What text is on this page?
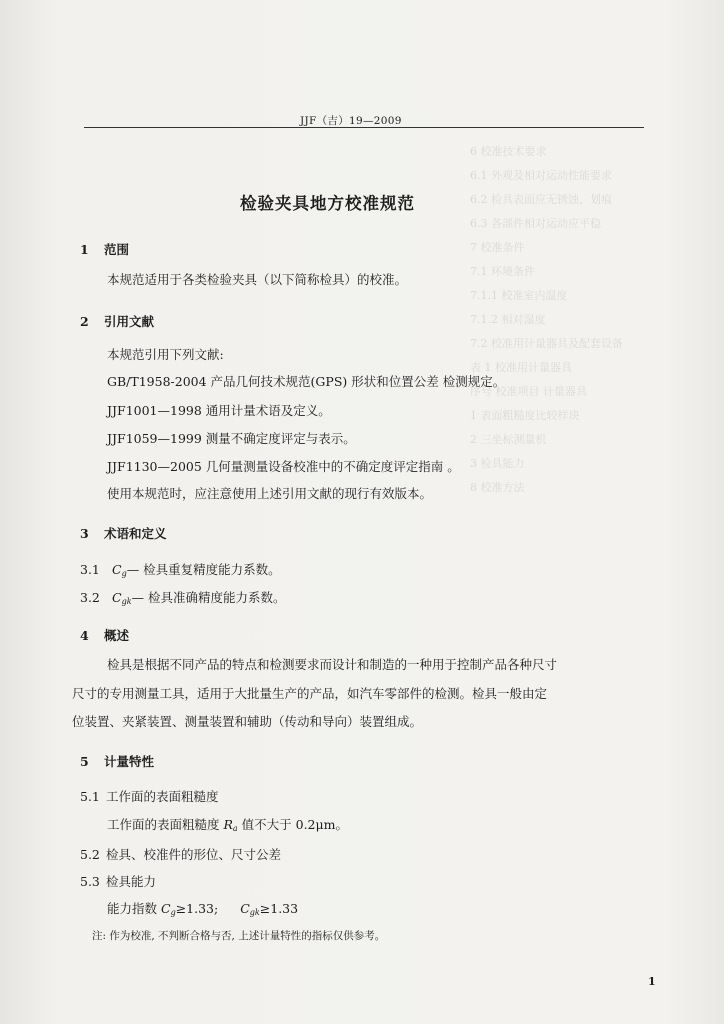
6 校准技术要求
6.1 外观及相对运动性能要求
6.2 检具表面应无锈蚀、划痕
6.3 各部件相对运动应平稳
7 校准条件
7.1 环境条件
7.1.1 校准室内温度
7.1.2 相对湿度
7.2 校准用计量器具及配套设备
表 1 校准用计量器具
序号 校准项目 计量器具
1 表面粗糙度比较样块
2 三坐标测量机
3 检具能力
8 校准方法
JJF（吉）19—2009
检验夹具地方校准规范
1 范围
本规范适用于各类检验夹具（以下简称检具）的校准。
2 引用文献
本规范引用下列文献:
GB/T1958-2004 产品几何技术规范(GPS) 形状和位置公差 检测规定。
JJF1001—1998 通用计量术语及定义。
JJF1059—1999 测量不确定度评定与表示。
JJF1130—2005 几何量测量设备校准中的不确定度评定指南 。
使用本规范时，应注意使用上述引用文献的现行有效版本。
3 术语和定义
3.1 $C_g—$ 检具重复精度能力系数。
3.2 $C_{gk}—$ 检具准确精度能力系数。
4 概述
检具是根据不同产品的特点和检测要求而设计和制造的一种用于控制产品各种尺寸
尺寸的专用测量工具，适用于大批量生产的产品，如汽车零部件的检测。检具一般由定
位装置、夹紧装置、测量装置和辅助（传动和导向）装置组成。
5 计量特性
5.1 工作面的表面粗糙度
工作面的表面粗糙度 $R_a$ 值不大于 0.2μm。
5.2 检具、校准件的形位、尺寸公差
5.3 检具能力
能力指数 $C_g\ge 1.33$; $C_{gk}\ge 1.33$
注: 作为校准, 不判断合格与否, 上述计量特性的指标仅供参考。
1
